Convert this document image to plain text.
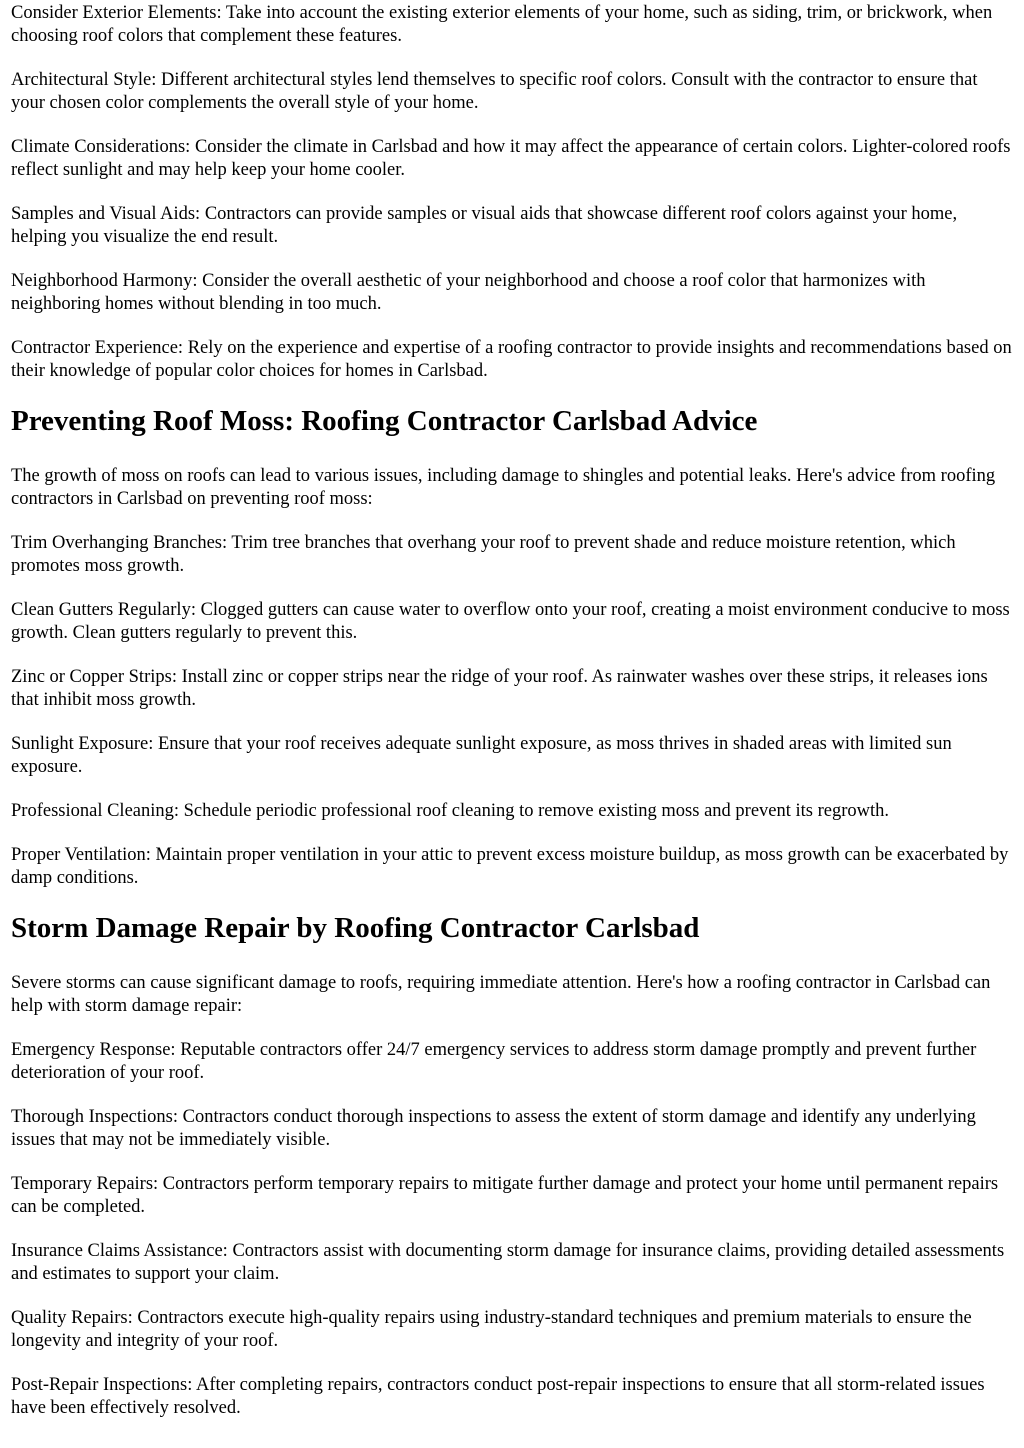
Consider Exterior Elements: Take into account the existing exterior elements of your home, such as siding, trim, or brickwork, when choosing roof colors that complement these features.

Architectural Style: Different architectural styles lend themselves to specific roof colors. Consult with the contractor to ensure that your chosen color complements the overall style of your home.

Climate Considerations: Consider the climate in Carlsbad and how it may affect the appearance of certain colors. Lighter-colored roofs reflect sunlight and may help keep your home cooler.

Samples and Visual Aids: Contractors can provide samples or visual aids that showcase different roof colors against your home, helping you visualize the end result.

Neighborhood Harmony: Consider the overall aesthetic of your neighborhood and choose a roof color that harmonizes with neighboring homes without blending in too much.

Contractor Experience: Rely on the experience and expertise of a roofing contractor to provide insights and recommendations based on their knowledge of popular color choices for homes in Carlsbad.

Preventing Roof Moss: Roofing Contractor Carlsbad Advice

The growth of moss on roofs can lead to various issues, including damage to shingles and potential leaks. Here's advice from roofing contractors in Carlsbad on preventing roof moss:

Trim Overhanging Branches: Trim tree branches that overhang your roof to prevent shade and reduce moisture retention, which promotes moss growth.

Clean Gutters Regularly: Clogged gutters can cause water to overflow onto your roof, creating a moist environment conducive to moss growth. Clean gutters regularly to prevent this.

Zinc or Copper Strips: Install zinc or copper strips near the ridge of your roof. As rainwater washes over these strips, it releases ions that inhibit moss growth.

Sunlight Exposure: Ensure that your roof receives adequate sunlight exposure, as moss thrives in shaded areas with limited sun exposure.

Professional Cleaning: Schedule periodic professional roof cleaning to remove existing moss and prevent its regrowth.

Proper Ventilation: Maintain proper ventilation in your attic to prevent excess moisture buildup, as moss growth can be exacerbated by damp conditions.

Storm Damage Repair by Roofing Contractor Carlsbad

Severe storms can cause significant damage to roofs, requiring immediate attention. Here's how a roofing contractor in Carlsbad can help with storm damage repair:

Emergency Response: Reputable contractors offer 24/7 emergency services to address storm damage promptly and prevent further deterioration of your roof.

Thorough Inspections: Contractors conduct thorough inspections to assess the extent of storm damage and identify any underlying issues that may not be immediately visible.

Temporary Repairs: Contractors perform temporary repairs to mitigate further damage and protect your home until permanent repairs can be completed.

Insurance Claims Assistance: Contractors assist with documenting storm damage for insurance claims, providing detailed assessments and estimates to support your claim.

Quality Repairs: Contractors execute high-quality repairs using industry-standard techniques and premium materials to ensure the longevity and integrity of your roof.

Post-Repair Inspections: After completing repairs, contractors conduct post-repair inspections to ensure that all storm-related issues have been effectively resolved.
